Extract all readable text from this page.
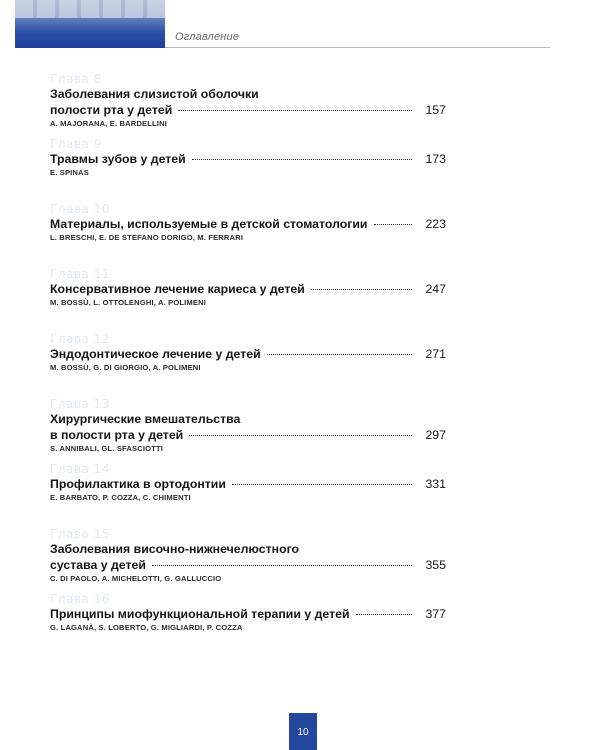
Оглавление
Глава 8
Заболевания слизистой оболочки
полости рта у детей	157
A. MAJORANA, E. BARDELLINI
Глава 9
Травмы зубов у детей	173
E. SPINAS
Глава 10
Материалы, используемые в детской стоматологии	223
L. BRESCHI, E. DE STEFANO DORIGO, M. FERRARI
Глава 11
Консервативное лечение кариеса у детей	247
M. BOSSÙ, L. OTTOLENGHI, A. POLIMENI
Глава 12
Эндодонтическое лечение у детей	271
M. BOSSÙ, G. DI GIORGIO, A. POLIMENI
Глава 13
Хирургические вмешательства
в полости рта у детей	297
S. ANNIBALI, GL. SFASCIOTTI
Глава 14
Профилактика в ортодонтии	331
E. BARBATO, P. COZZA, C. CHIMENTI
Глава 15
Заболевания височно-нижнечелюстного
сустава у детей	355
C. DI PAOLO, A. MICHELOTTI, G. GALLUCCIO
Глава 16
Принципы миофункциональной терапии у детей	377
G. LAGANÀ, S. LOBERTO, G. MIGLIARDI, P. COZZA
10
